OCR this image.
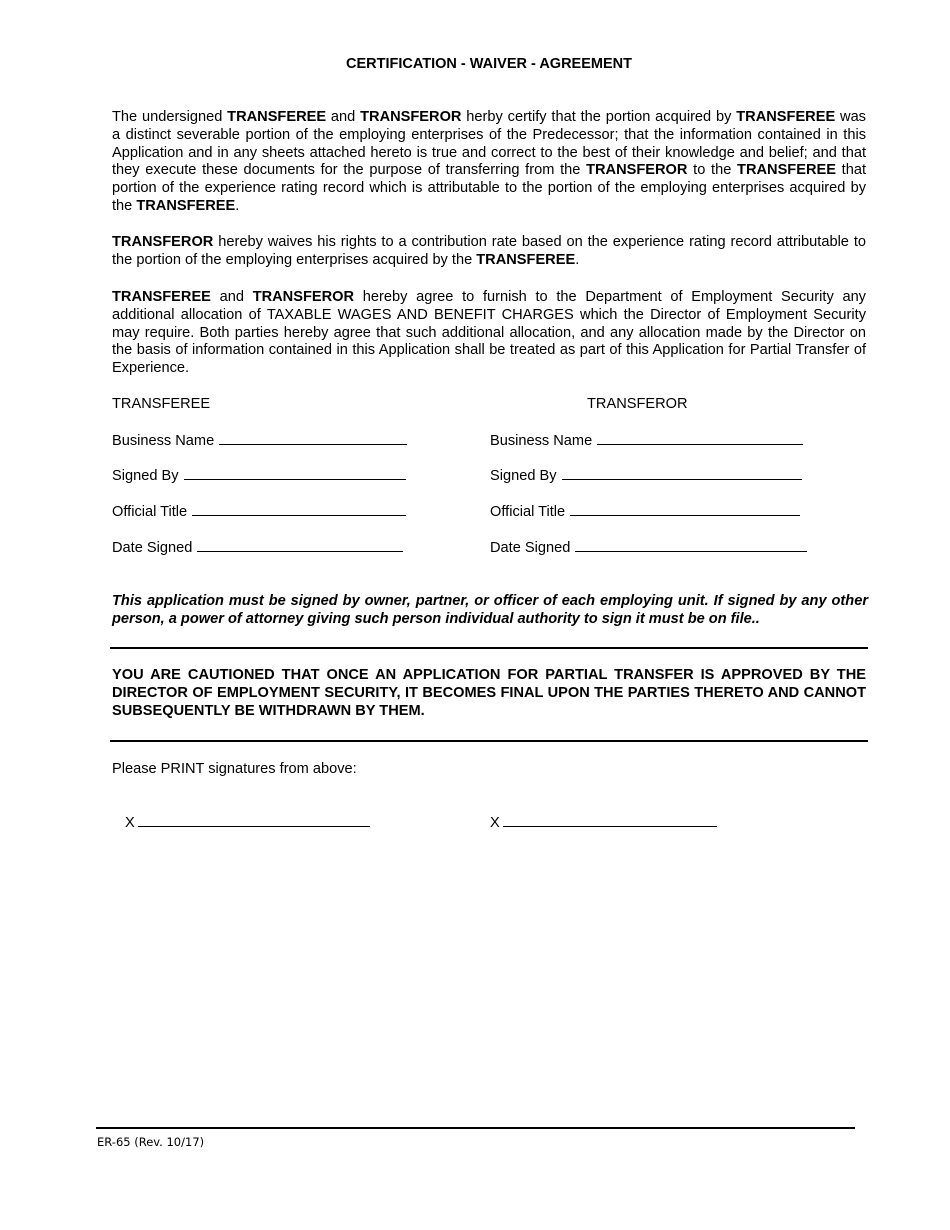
CERTIFICATION - WAIVER - AGREEMENT
The undersigned TRANSFEREE and TRANSFEROR herby certify that the portion acquired by TRANSFEREE was a distinct severable portion of the employing enterprises of the Predecessor; that the information contained in this Application and in any sheets attached hereto is true and correct to the best of their knowledge and belief; and that they execute these documents for the purpose of transferring from the TRANSFEROR to the TRANSFEREE that portion of the experience rating record which is attributable to the portion of the employing enterprises acquired by the TRANSFEREE.
TRANSFEROR hereby waives his rights to a contribution rate based on the experience rating record attributable to the portion of the employing enterprises acquired by the TRANSFEREE.
TRANSFEREE and TRANSFEROR hereby agree to furnish to the Department of Employment Security any additional allocation of TAXABLE WAGES AND BENEFIT CHARGES which the Director of Employment Security may require. Both parties hereby agree that such additional allocation, and any allocation made by the Director on the basis of information contained in this Application shall be treated as part of this Application for Partial Transfer of Experience.
TRANSFEREE	TRANSFEROR
Business Name
Signed By
Official Title
Date Signed
Business Name
Signed By
Official Title
Date Signed
This application must be signed by owner, partner, or officer of each employing unit. If signed by any other person, a power of attorney giving such person individual authority to sign it must be on file..
YOU ARE CAUTIONED THAT ONCE AN APPLICATION FOR PARTIAL TRANSFER IS APPROVED BY THE DIRECTOR OF EMPLOYMENT SECURITY, IT BECOMES FINAL UPON THE PARTIES THERETO AND CANNOT SUBSEQUENTLY BE WITHDRAWN BY THEM.
Please PRINT signatures from above:
X	X
ER-65 (Rev. 10/17)
